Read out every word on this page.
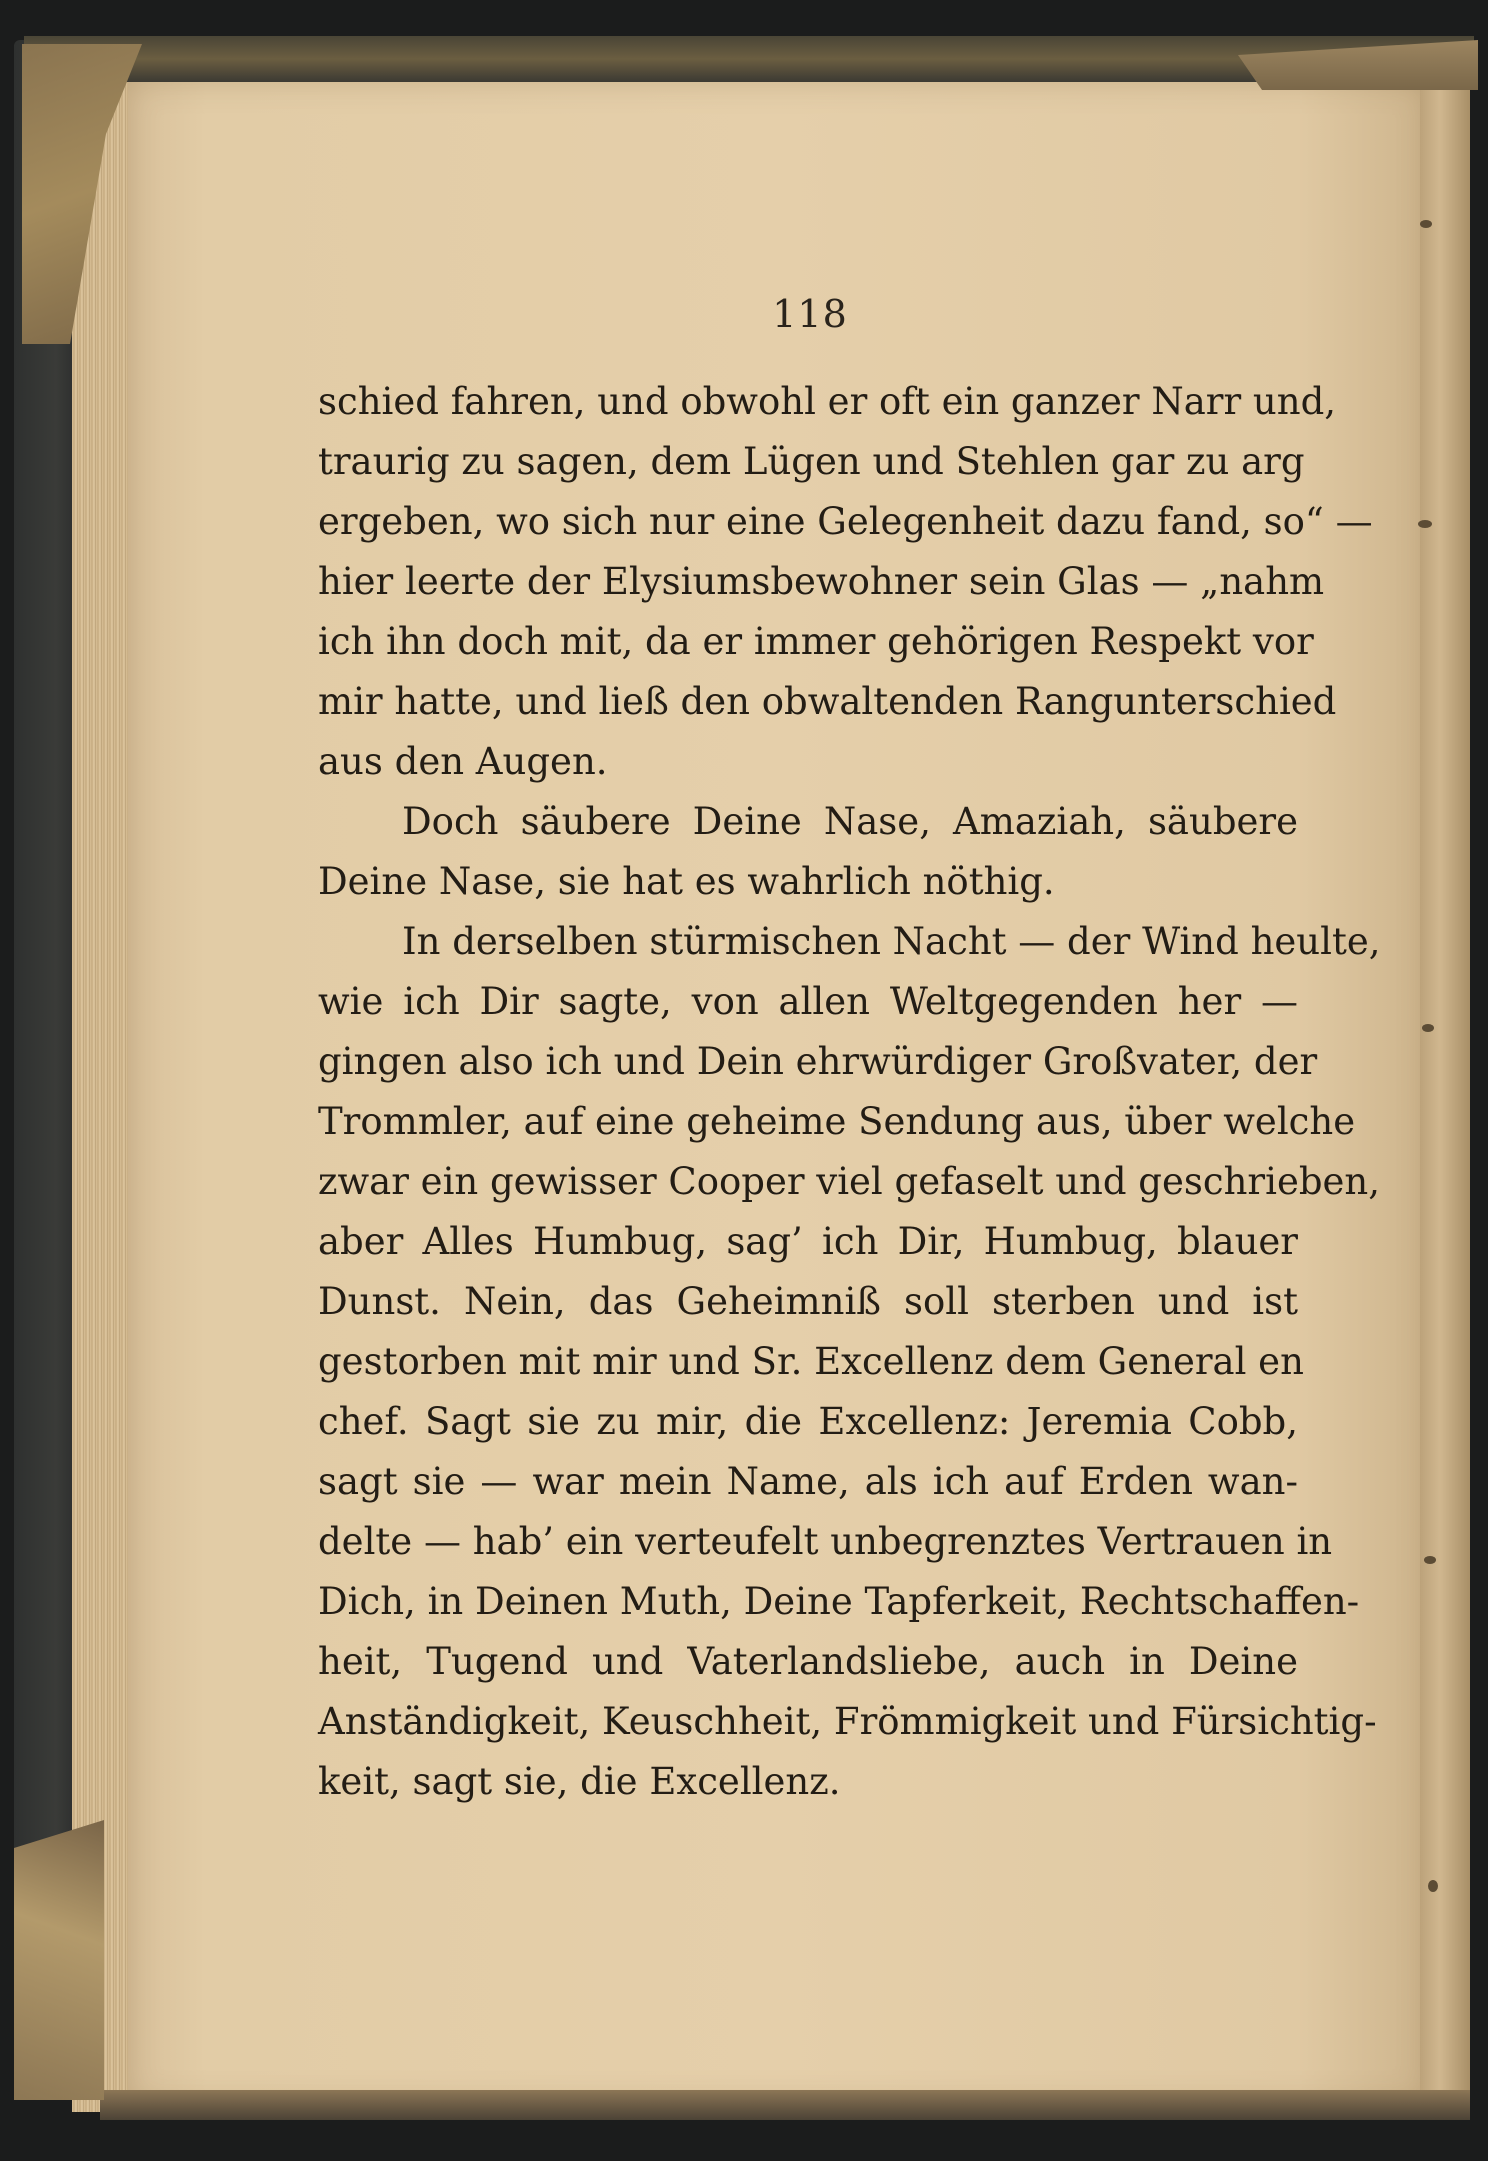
118
schied fahren, und obwohl er oft ein ganzer Narr und,
traurig zu sagen, dem Lügen und Stehlen gar zu arg
ergeben, wo sich nur eine Gelegenheit dazu fand, so“ —
hier leerte der Elysiumsbewohner sein Glas — „nahm
ich ihn doch mit, da er immer gehörigen Respekt vor
mir hatte, und ließ den obwaltenden Rangunterschied
aus den Augen.
Doch säubere Deine Nase, Amaziah, säubere
Deine Nase, sie hat es wahrlich nöthig.
In derselben stürmischen Nacht — der Wind heulte,
wie ich Dir sagte, von allen Weltgegenden her —
gingen also ich und Dein ehrwürdiger Großvater, der
Trommler, auf eine geheime Sendung aus, über welche
zwar ein gewisser Cooper viel gefaselt und geschrieben,
aber Alles Humbug, sag’ ich Dir, Humbug, blauer
Dunst. Nein, das Geheimniß soll sterben und ist
gestorben mit mir und Sr. Excellenz dem General en
chef. Sagt sie zu mir, die Excellenz: Jeremia Cobb,
sagt sie — war mein Name, als ich auf Erden wan-
delte — hab’ ein verteufelt unbegrenztes Vertrauen in
Dich, in Deinen Muth, Deine Tapferkeit, Rechtschaffen-
heit, Tugend und Vaterlandsliebe, auch in Deine
Anständigkeit, Keuschheit, Frömmigkeit und Fürsichtig-
keit, sagt sie, die Excellenz.
